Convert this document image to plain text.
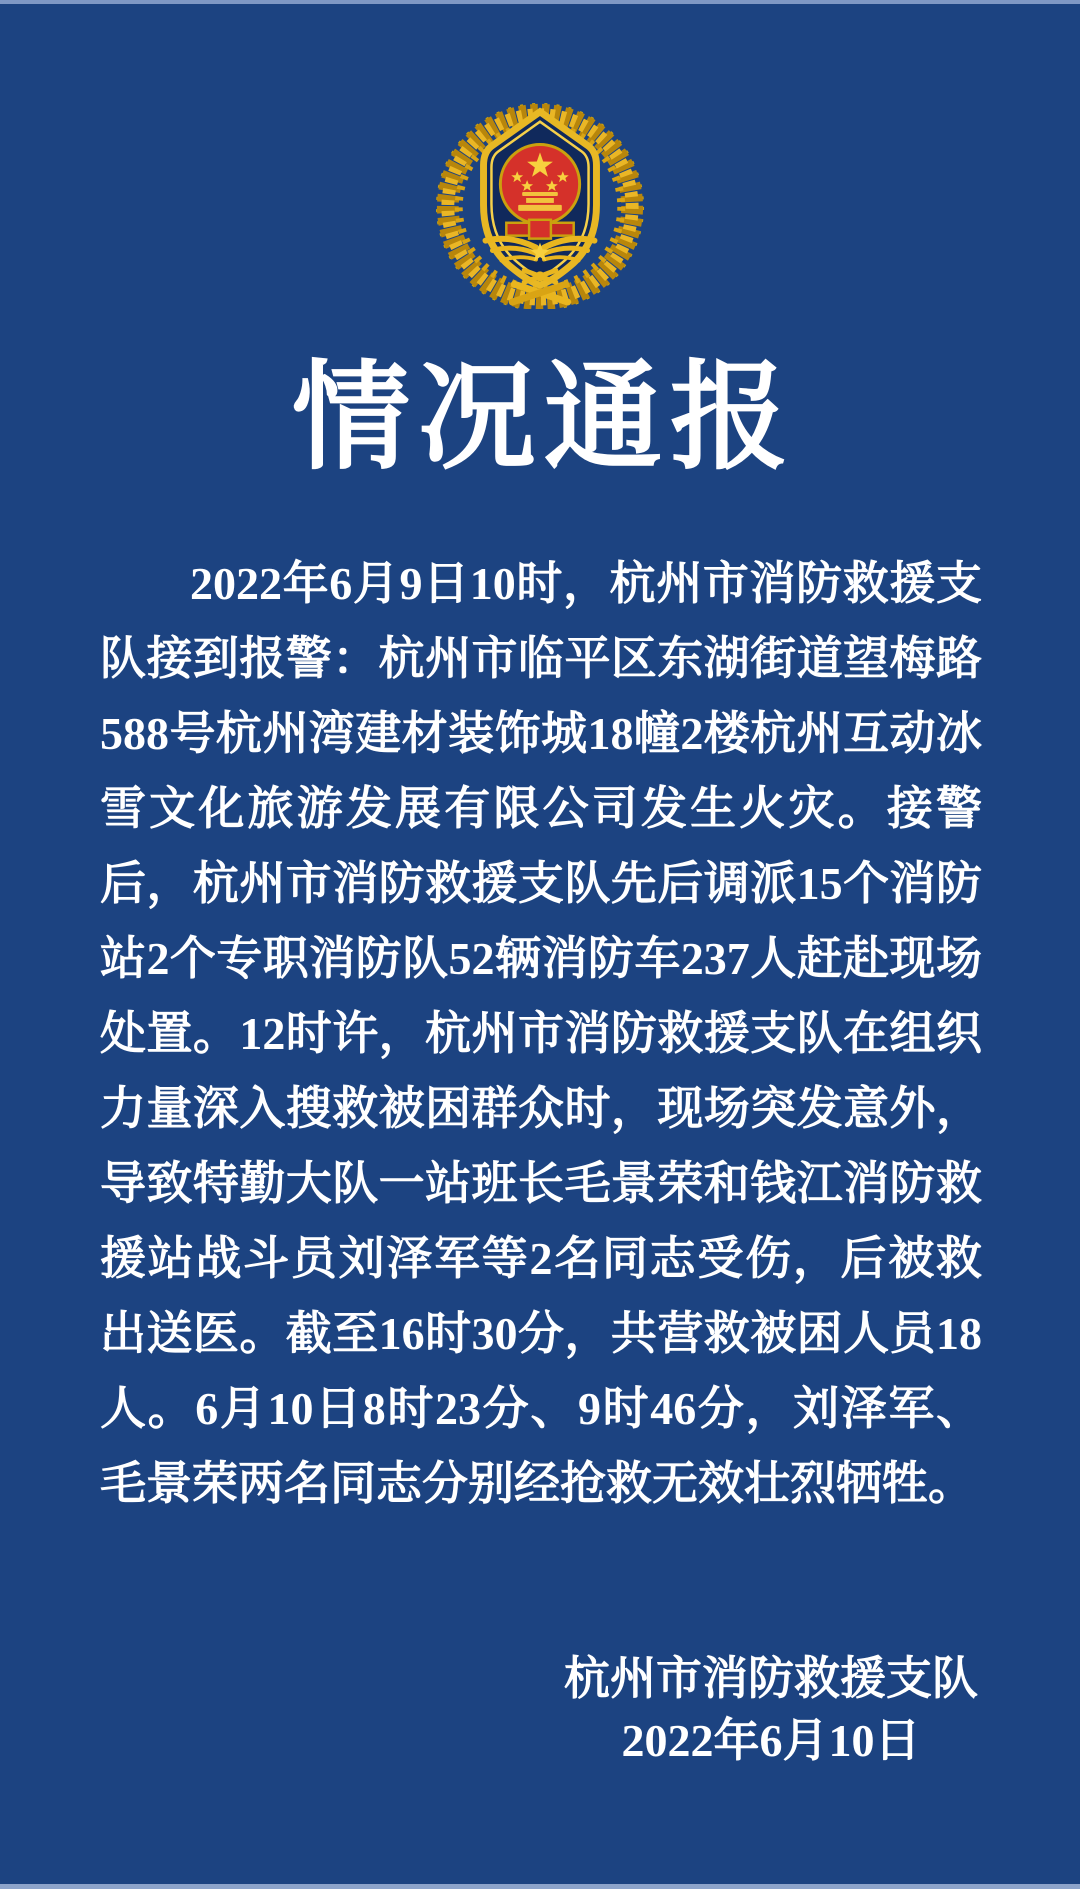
情况通报

2022年6月9日10时，杭州市消防救援支队接到报警：杭州市临平区东湖街道望梅路588号杭州湾建材装饰城18幢2楼杭州互动冰雪文化旅游发展有限公司发生火灾。接警后，杭州市消防救援支队先后调派15个消防站2个专职消防队52辆消防车237人赶赴现场处置。12时许，杭州市消防救援支队在组织力量深入搜救被困群众时，现场突发意外，导致特勤大队一站班长毛景荣和钱江消防救援站战斗员刘泽军等2名同志受伤，后被救出送医。截至16时30分，共营救被困人员18人。6月10日8时23分、9时46分，刘泽军、毛景荣两名同志分别经抢救无效壮烈牺牲。

杭州市消防救援支队
2022年6月10日
